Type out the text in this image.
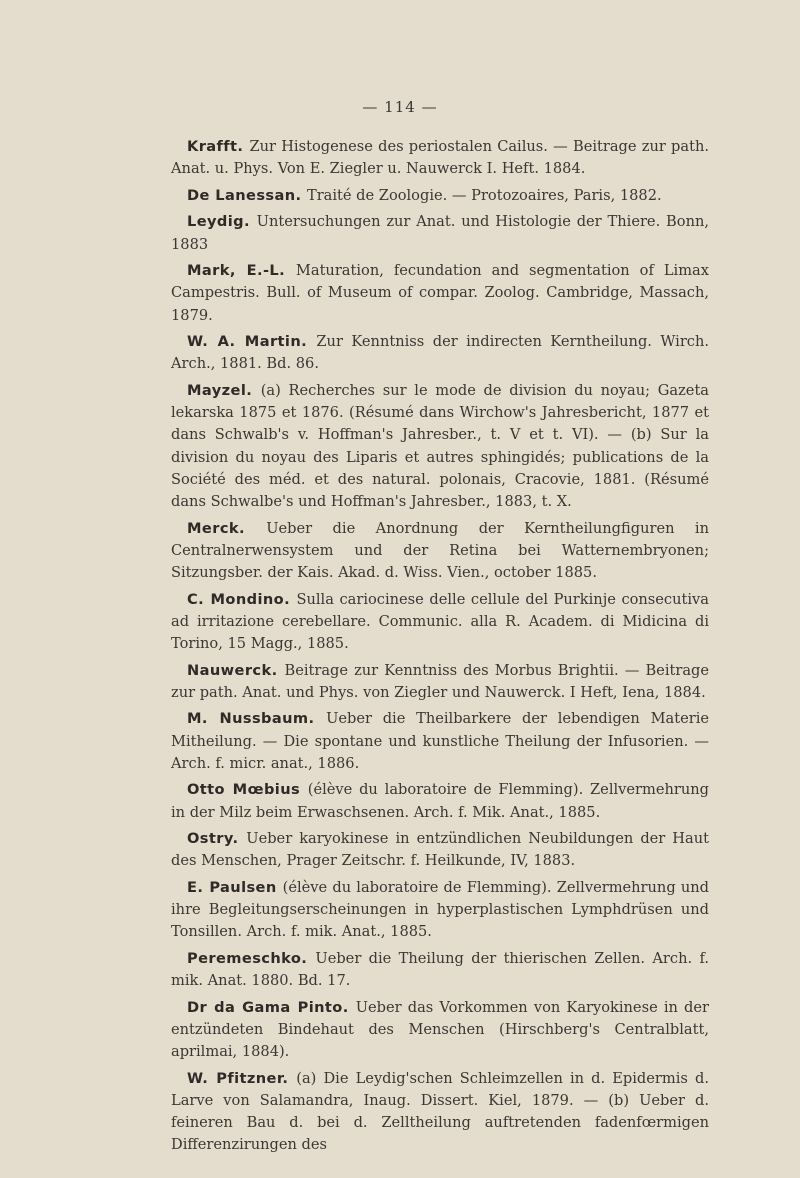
— 114 —

Krafft. Zur Histogenese des periostalen Cailus. — Beitrage zur path. Anat. u. Phys. Von E. Ziegler u. Nauwerck I. Heft. 1884.

De Lanessan. Traité de Zoologie. — Protozoaires, Paris, 1882.

Leydig. Untersuchungen zur Anat. und Histologie der Thiere. Bonn, 1883

Mark, E.-L. Maturation, fecundation and segmentation of Limax Campestris. Bull. of Museum of compar. Zoolog. Cambridge, Massach, 1879.

W. A. Martin. Zur Kenntniss der indirecten Kerntheilung. Wirch. Arch., 1881. Bd. 86.

Mayzel. (a) Recherches sur le mode de division du noyau; Gazeta lekarska 1875 et 1876. (Résumé dans Wirchow's Jahresbericht, 1877 et dans Schwalb's v. Hoffman's Jahresber., t. V et t. VI). — (b) Sur la division du noyau des Liparis et autres sphingidés; publications de la Société des méd. et des natural. polonais, Cracovie, 1881. (Résumé dans Schwalbe's und Hoffman's Jahresber., 1883, t. X.

Merck. Ueber die Anordnung der Kerntheilungfiguren in Centralnerwensystem und der Retina bei Watternembryonen; Sitzungsber. der Kais. Akad. d. Wiss. Vien., october 1885.

C. Mondino. Sulla cariocinese delle cellule del Purkinje consecutiva ad irritazione cerebellare. Communic. alla R. Academ. di Midicina di Torino, 15 Magg., 1885.

Nauwerck. Beitrage zur Kenntniss des Morbus Brightii. — Beitrage zur path. Anat. und Phys. von Ziegler und Nauwerck. I Heft, Iena, 1884.

M. Nussbaum. Ueber die Theilbarkere der lebendigen Materie Mitheilung. — Die spontane und kunstliche Theilung der Infusorien. — Arch. f. micr. anat., 1886.

Otto Mœbius (élève du laboratoire de Flemming). Zellvermehrung in der Milz beim Erwaschsenen. Arch. f. Mik. Anat., 1885.

Ostry. Ueber karyokinese in entzündlichen Neubildungen der Haut des Menschen, Prager Zeitschr. f. Heilkunde, IV, 1883.

E. Paulsen (élève du laboratoire de Flemming). Zellvermehrung und ihre Begleitungserscheinungen in hyperplastischen Lymphdrüsen und Tonsillen. Arch. f. mik. Anat., 1885.

Peremeschko. Ueber die Theilung der thierischen Zellen. Arch. f. mik. Anat. 1880. Bd. 17.

Dr da Gama Pinto. Ueber das Vorkommen von Karyokinese in der entzündeten Bindehaut des Menschen (Hirschberg's Centralblatt, aprilmai, 1884).

W. Pfitzner. (a) Die Leydig'schen Schleimzellen in d. Epidermis d. Larve von Salamandra, Inaug. Dissert. Kiel, 1879. — (b) Ueber d. feineren Bau d. bei d. Zelltheilung auftretenden fadenfœrmigen Differenzirungen des
